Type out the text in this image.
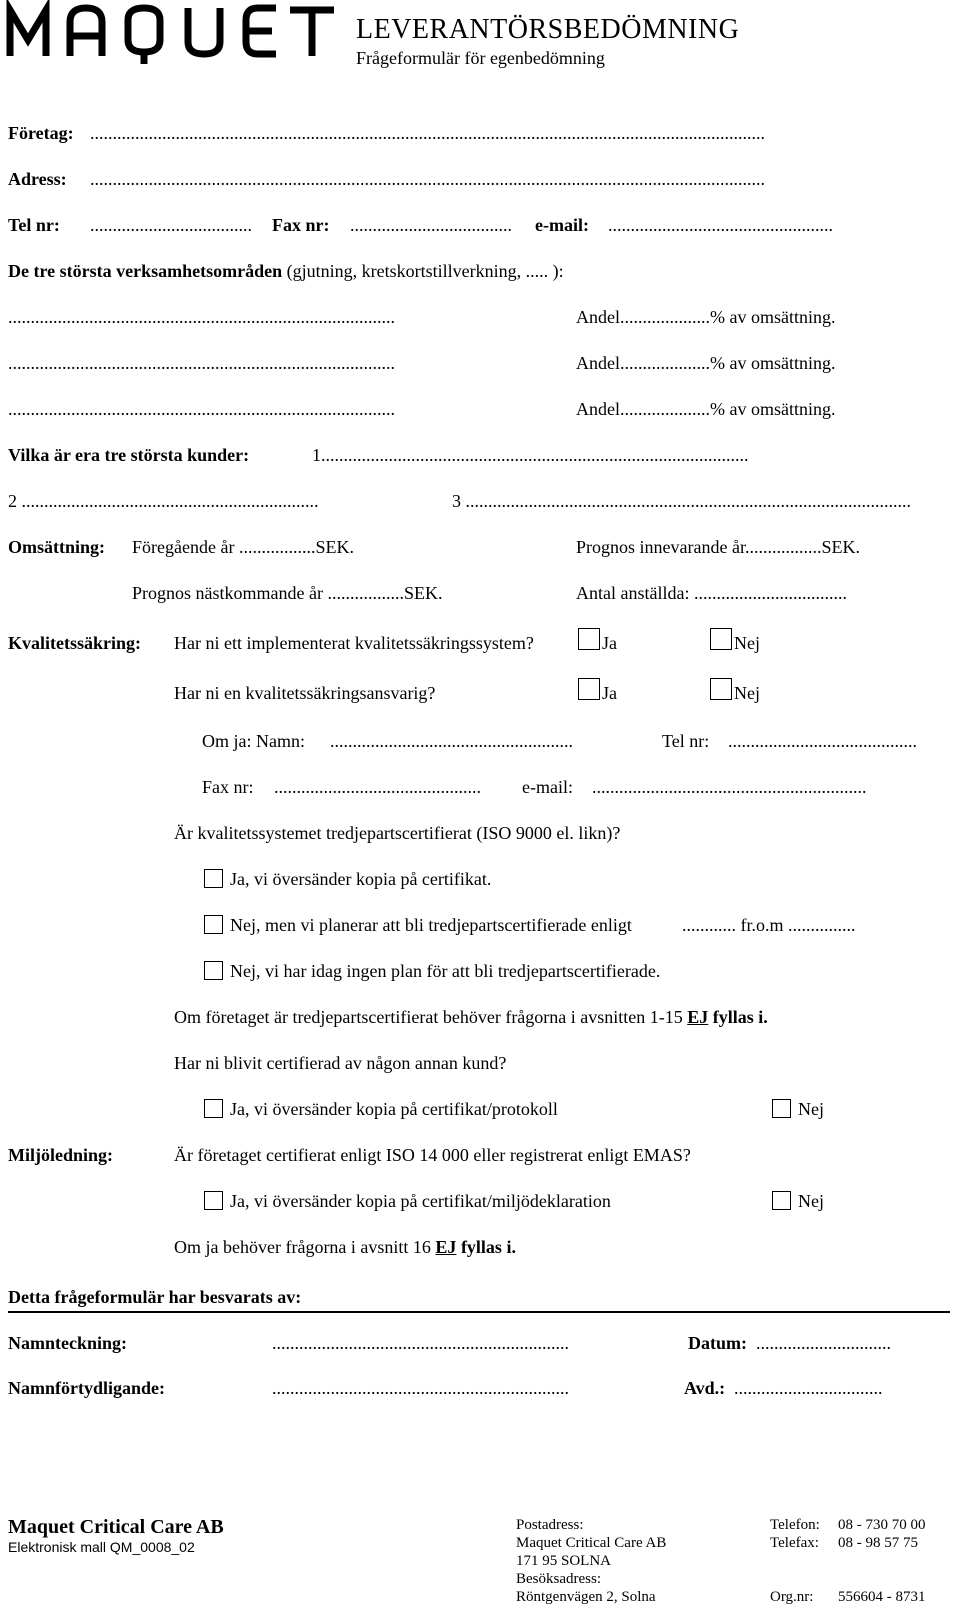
LEVERANTÖRSBEDÖMNING
Frågeformulär för egenbedömning
Företag: ......................................................................................................................................................
Adress: ......................................................................................................................................................
Tel nr: .................................... Fax nr: .................................... e-mail: ..................................................
De tre största verksamhetsområden (gjutning, kretskortstillverkning, ..... ):
......................................................................................	Andel....................% av omsättning.
......................................................................................	Andel....................% av omsättning.
......................................................................................	Andel....................% av omsättning.
Vilka är era tre största kunder:	1...............................................................................................
2 ..................................................................	3 ...................................................................................................
Omsättning: Föregående år .................SEK.	Prognos innevarande år.................SEK.
Prognos nästkommande år .................SEK.	Antal anställda: ..................................
Kvalitetssäkring: Har ni ett implementerat kvalitetssäkringssystem?	Ja	Nej
Har ni en kvalitetssäkringsansvarig?	Ja	Nej
Om ja: Namn: ......................................................	Tel nr: ..........................................
Fax nr: .............................................. e-mail: .............................................................
Är kvalitetssystemet tredjepartscertifierat (ISO 9000 el. likn)?
Ja, vi översänder kopia på certifikat.
Nej, men vi planerar att bli tredjepartscertifierade enligt	............ fr.o.m ...............
Nej, vi har idag ingen plan för att bli tredjepartscertifierade.
Om företaget är tredjepartscertifierat behöver frågorna i avsnitten 1-15 EJ fyllas i.
Har ni blivit certifierad av någon annan kund?
Ja, vi översänder kopia på certifikat/protokoll	Nej
Miljöledning:	Är företaget certifierat enligt ISO 14 000 eller registrerat enligt EMAS?
Ja, vi översänder kopia på certifikat/miljödeklaration	Nej
Om ja behöver frågorna i avsnitt 16 EJ fyllas i.
Detta frågeformulär har besvarats av:
Namnteckning:	..................................................................	Datum: ..............................
Namnförtydligande:	..................................................................	Avd.: .................................
Maquet Critical Care AB
Elektronisk mall QM_0008_02
Postadress:
Maquet Critical Care AB
171 95 SOLNA
Besöksadress:
Röntgenvägen 2, Solna
Telefon: 08 - 730 70 00
Telefax: 08 - 98 57 75
Org.nr: 556604 - 8731
